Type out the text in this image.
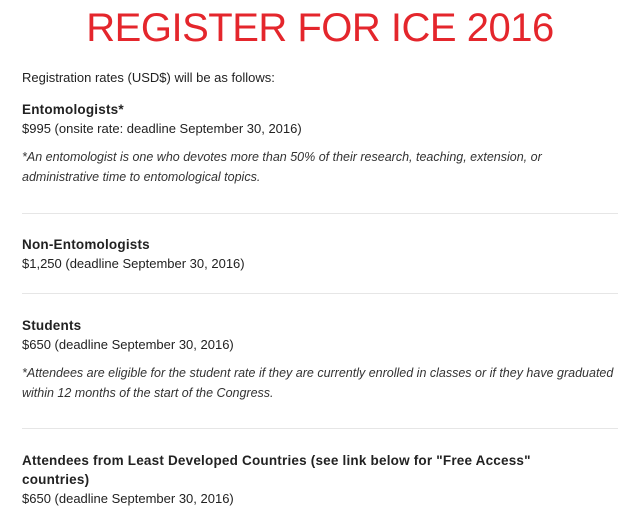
REGISTER FOR ICE 2016
Registration rates (USD$) will be as follows:
Entomologists*
$995 (onsite rate: deadline September 30, 2016)
*An entomologist is one who devotes more than 50% of their research, teaching, extension, or administrative time to entomological topics.
Non-Entomologists
$1,250 (deadline September 30, 2016)
Students
$650 (deadline September 30, 2016)
*Attendees are eligible for the student rate if they are currently enrolled in classes or if they have graduated within 12 months of the start of the Congress.
Attendees from Least Developed Countries (see link below for "Free Access" countries)
$650 (deadline September 30, 2016)
